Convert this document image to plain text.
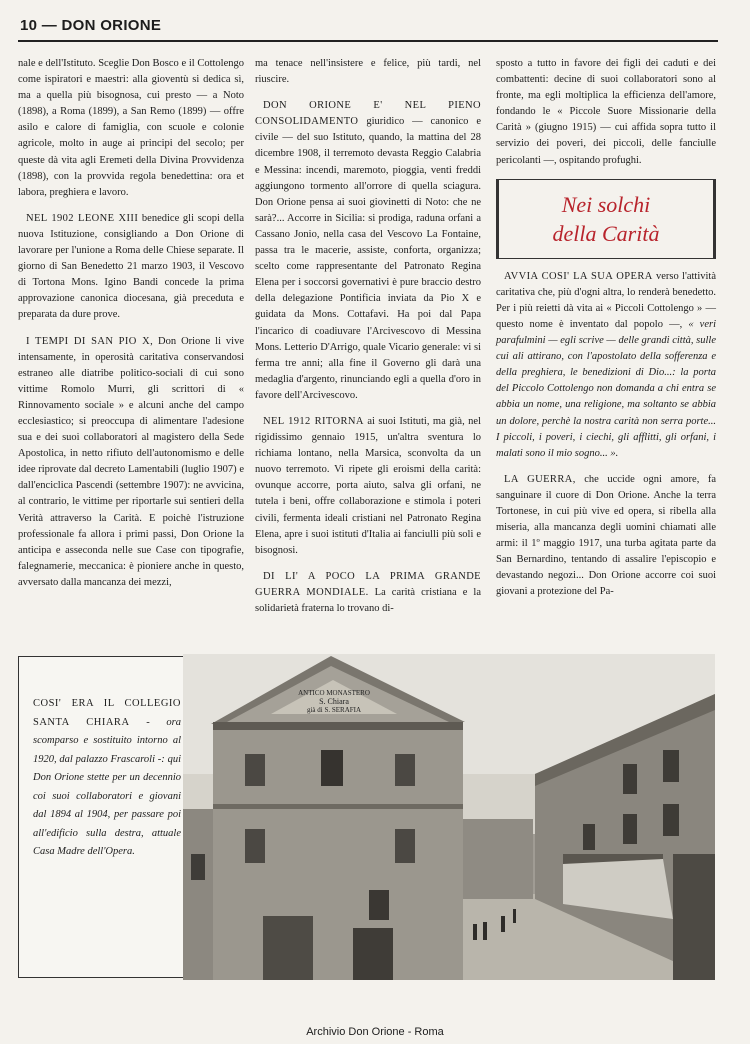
10 — DON ORIONE

nale e dell'Istituto. Sceglie Don Bosco e il Cottolengo come ispiratori e maestri: alla gioventù si dedica sì, ma a quella più bisognosa, cui presto — a Noto (1898), a Roma (1899), a San Remo (1899) — offre asilo e calore di famiglia, con scuole e colonie agricole, molto in auge ai principi del secolo; per queste dà vita agli Eremeti della Divina Provvidenza (1898), con la provvida regola benedettina: ora et labora, preghiera e lavoro.

NEL 1902 LEONE XIII benedice gli scopi della nuova Istituzione, consigliando a Don Orione di lavorare per l'unione a Roma delle Chiese separate. Il giorno di San Benedetto 21 marzo 1903, il Vescovo di Tortona Mons. Igino Bandi concede la prima approvazione canonica diocesana, già preceduta e preparata da dure prove.

I TEMPI DI SAN PIO X, Don Orione li vive intensamente, in operosità caritativa conservandosi estraneo alle diatribe politico-sociali di cui sono vittime Romolo Murri, gli scrittori di « Rinnovamento sociale » e alcuni anche del campo ecclesiastico; si preoccupa di alimentare l'adesione sua e dei suoi collaboratori al magistero della Sede Apostolica, in netto rifiuto dell'autonomismo e delle idee riprovate dal decreto Lamentabili (luglio 1907) e dall'enciclica Pascendi (settembre 1907): ne avvicina, al contrario, le vittime per riportarle sui sentieri della Verità attraverso la Carità. E poichè l'istruzione professionale fa allora i primi passi, Don Orione la anticipa e asseconda nelle sue Case con tipografie, falegnamerie, meccanica: è pioniere anche in questo, avversato dalla mancanza dei mezzi,

ma tenace nell'insistere e felice, più tardi, nel riuscire.

DON ORIONE E' NEL PIENO CONSOLIDAMENTO giuridico — canonico e civile — del suo Istituto, quando, la mattina del 28 dicembre 1908, il terremoto devasta Reggio Calabria e Messina: incendi, maremoto, pioggia, venti freddi aggiungono tormento all'orrore di quella sciagura. Don Orione pensa ai suoi giovinetti di Noto: che ne sarà?... Accorre in Sicilia: si prodiga, raduna orfani a Cassano Jonio, nella casa del Vescovo La Fontaine, passa tra le macerie, assiste, conforta, organizza; scelto come rappresentante del Patronato Regina Elena per i soccorsi governativi è pure braccio destro della delegazione Pontificia inviata da Pio X e guidata da Mons. Cottafavi. Ha poi dal Papa l'incarico di coadiuvare l'Arcivescovo di Messina Mons. Letterio D'Arrigo, quale Vicario generale: vi si ferma tre anni; alla fine il Governo gli darà una medaglia d'argento, rinunciando egli a quella d'oro in favore dell'Arcivescovo.

NEL 1912 RITORNA ai suoi Istituti, ma già, nel rigidissimo gennaio 1915, un'altra sventura lo richiama lontano, nella Marsica, sconvolta da un nuovo terremoto. Vi ripete gli eroismi della carità: ovunque accorre, porta aiuto, salva gli orfani, ne tutela i beni, offre collaborazione e stimola i poteri civili, fermenta ideali cristiani nel Patronato Regina Elena, apre i suoi istituti d'Italia ai fanciulli più soli e bisognosi.

DI LI' A POCO LA PRIMA GRANDE GUERRA MONDIALE. La carità cristiana e la solidarietà fraterna lo trovano di-

sposto a tutto in favore dei figli dei caduti e dei combattenti: decine di suoi collaboratori sono al fronte, ma egli moltiplica la efficienza dell'amore, fondando le « Piccole Suore Missionarie della Carità » (giugno 1915) — cui affida sopra tutto il servizio dei poveri, dei piccoli, delle fanciulle pericolanti —, ospitando profughi.

Nei solchi
della Carità

AVVIA COSI' LA SUA OPERA verso l'attività caritativa che, più d'ogni altra, lo renderà benedetto. Per i più reietti dà vita ai « Piccoli Cottolengo » — questo nome è inventato dal popolo —, « veri parafulmini — egli scrive — delle grandi città, sulle cui ali attirano, con l'apostolato della sofferenza e della preghiera, le benedizioni di Dio...: la porta del Piccolo Cottolengo non domanda a chi entra se abbia un nome, una religione, ma soltanto se abbia un dolore, perchè la nostra carità non serra porte... I piccoli, i poveri, i ciechi, gli afflitti, gli orfani, i malati sono il mio sogno... ».

LA GUERRA, che uccide ogni amore, fa sanguinare il cuore di Don Orione. Anche la terra Tortonese, in cui più vive ed opera, si ribella alla miseria, alla mancanza degli uomini chiamati alle armi: il 1º maggio 1917, una turba agitata parte da San Bernardino, tentando di assalire l'episcopio e devastando negozi... Don Orione accorre coi suoi giovani a protezione del Pa-

COSI' ERA IL COLLEGIO SANTA CHIARA - ora scomparso e sostituito intorno al 1920, dal palazzo Frascaroli -: qui Don Orione stette per un decennio coi suoi collaboratori e giovani dal 1894 al 1904, per passare poi all'edificio sulla destra, attuale Casa Madre dell'Opera.
ANTICO MONASTERO
S. Chiara
già di S. SERAFIA
Archivio Don Orione - Roma
